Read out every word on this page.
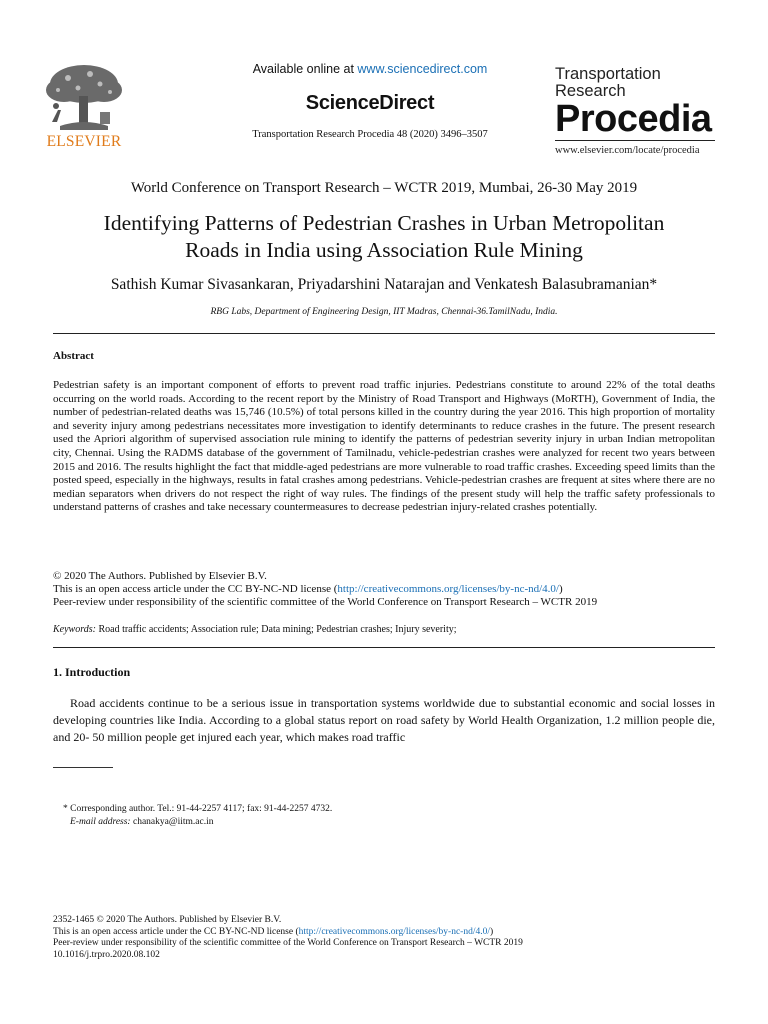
ELSEVIER
Available online at www.sciencedirect.com
ScienceDirect
Transportation Research Procedia 48 (2020) 3496–3507
Transportation
Research
Procedia
www.elsevier.com/locate/procedia
World Conference on Transport Research – WCTR 2019, Mumbai, 26-30 May 2019
Identifying Patterns of Pedestrian Crashes in Urban Metropolitan
Roads in India using Association Rule Mining
Sathish Kumar Sivasankaran, Priyadarshini Natarajan and Venkatesh Balasubramanian*
RBG Labs, Department of Engineering Design, IIT Madras, Chennai-36.TamilNadu, India.
Abstract
Pedestrian safety is an important component of efforts to prevent road traffic injuries. Pedestrians constitute to around 22% of the total deaths occurring on the world roads. According to the recent report by the Ministry of Road Transport and Highways (MoRTH), Government of India, the number of pedestrian-related deaths was 15,746 (10.5%) of total persons killed in the country during the year 2016. This high proportion of mortality and severity injury among pedestrians necessitates more investigation to identify determinants to reduce crashes in the future. The present research used the Apriori algorithm of supervised association rule mining to identify the patterns of pedestrian severity injury in urban Indian metropolitan city, Chennai. Using the RADMS database of the government of Tamilnadu, vehicle-pedestrian crashes were analyzed for recent two years between 2015 and 2016. The results highlight the fact that middle-aged pedestrians are more vulnerable to road traffic crashes. Exceeding speed limits than the posted speed, especially in the highways, results in fatal crashes among pedestrians. Vehicle-pedestrian crashes are frequent at sites where there are no median separators when drivers do not respect the right of way rules. The findings of the present study will help the traffic safety professionals to understand patterns of crashes and take necessary countermeasures to decrease pedestrian injury-related crashes potentially.
© 2020 The Authors. Published by Elsevier B.V.
This is an open access article under the CC BY-NC-ND license (http://creativecommons.org/licenses/by-nc-nd/4.0/)
Peer-review under responsibility of the scientific committee of the World Conference on Transport Research – WCTR 2019
Keywords: Road traffic accidents; Association rule; Data mining; Pedestrian crashes; Injury severity;
1. Introduction
Road accidents continue to be a serious issue in transportation systems worldwide due to substantial economic and social losses in developing countries like India. According to a global status report on road safety by World Health Organization, 1.2 million people die, and 20- 50 million people get injured each year, which makes road traffic
* Corresponding author. Tel.: 91-44-2257 4117; fax: 91-44-2257 4732.
E-mail address: chanakya@iitm.ac.in
2352-1465 © 2020 The Authors. Published by Elsevier B.V.
This is an open access article under the CC BY-NC-ND license (http://creativecommons.org/licenses/by-nc-nd/4.0/)
Peer-review under responsibility of the scientific committee of the World Conference on Transport Research – WCTR 2019
10.1016/j.trpro.2020.08.102
